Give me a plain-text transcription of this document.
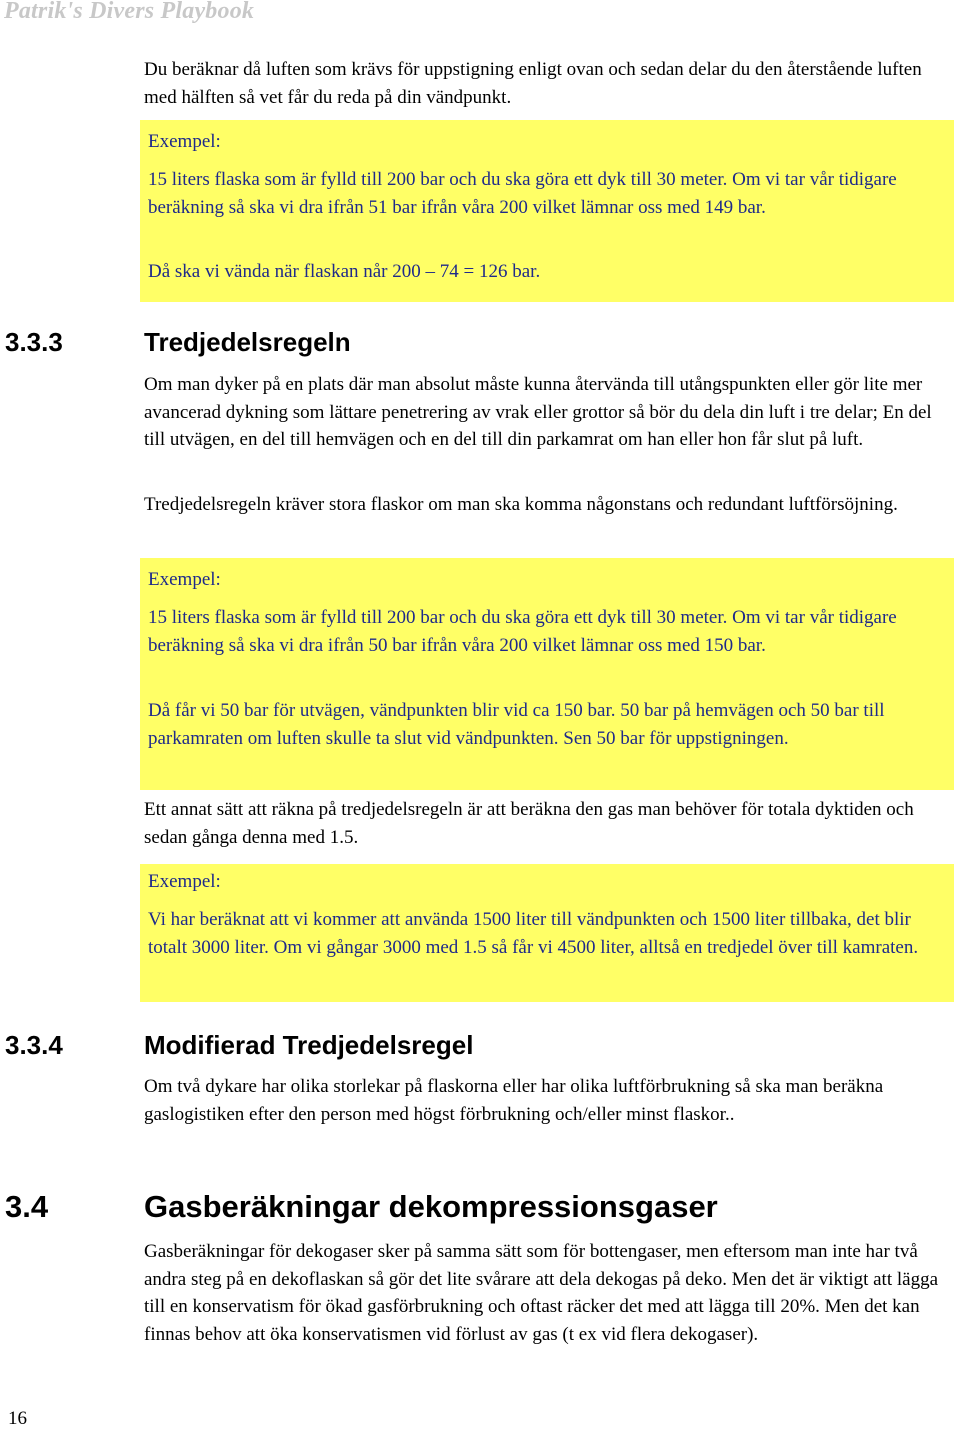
Patrik's Divers Playbook

Du beräknar då luften som krävs för uppstigning enligt ovan och sedan delar du den återstående luften med hälften så vet får du reda på din vändpunkt.

Exempel:

15 liters flaska som är fylld till 200 bar och du ska göra ett dyk till 30 meter. Om vi tar vår tidigare beräkning så ska vi dra ifrån 51 bar ifrån våra 200 vilket lämnar oss med 149 bar.

Då ska vi vända när flaskan når 200 – 74 = 126 bar.

3.3.3	Tredjedelsregeln

Om man dyker på en plats där man absolut måste kunna återvända till utångspunkten eller gör lite mer avancerad dykning som lättare penetrering av vrak eller grottor så bör du dela din luft i tre delar; En del till utvägen, en del till hemvägen och en del till din parkamrat om han eller hon får slut på luft.

Tredjedelsregeln kräver stora flaskor om man ska komma någonstans och redundant luftförsöjning.

Exempel:

15 liters flaska som är fylld till 200 bar och du ska göra ett dyk till 30 meter. Om vi tar vår tidigare beräkning så ska vi dra ifrån 50 bar ifrån våra 200 vilket lämnar oss med 150 bar.

Då får vi 50 bar för utvägen, vändpunkten blir vid ca 150 bar. 50 bar på hemvägen och 50 bar till parkamraten om luften skulle ta slut vid vändpunkten. Sen 50 bar för uppstigningen.

Ett annat sätt att räkna på tredjedelsregeln är att beräkna den gas man behöver för totala dyktiden och sedan gånga denna med 1.5.

Exempel:

Vi har beräknat att vi kommer att använda 1500 liter till vändpunkten och 1500 liter tillbaka, det blir totalt 3000 liter. Om vi gångar 3000 med 1.5 så får vi 4500 liter, alltså en tredjedel över till kamraten.

3.3.4	Modifierad Tredjedelsregel

Om två dykare har olika storlekar på flaskorna eller har olika luftförbrukning så ska man beräkna gaslogistiken efter den person med högst förbrukning och/eller minst flaskor..

3.4	Gasberäkningar dekompressionsgaser

Gasberäkningar för dekogaser sker på samma sätt som för bottengaser, men eftersom man inte har två andra steg på en dekoflaskan så gör det lite svårare att dela dekogas på deko. Men det är viktigt att lägga till en konservatism för ökad gasförbrukning och oftast räcker det med att lägga till 20%. Men det kan finnas behov att öka konservatismen vid förlust av gas (t ex vid flera dekogaser).

16
